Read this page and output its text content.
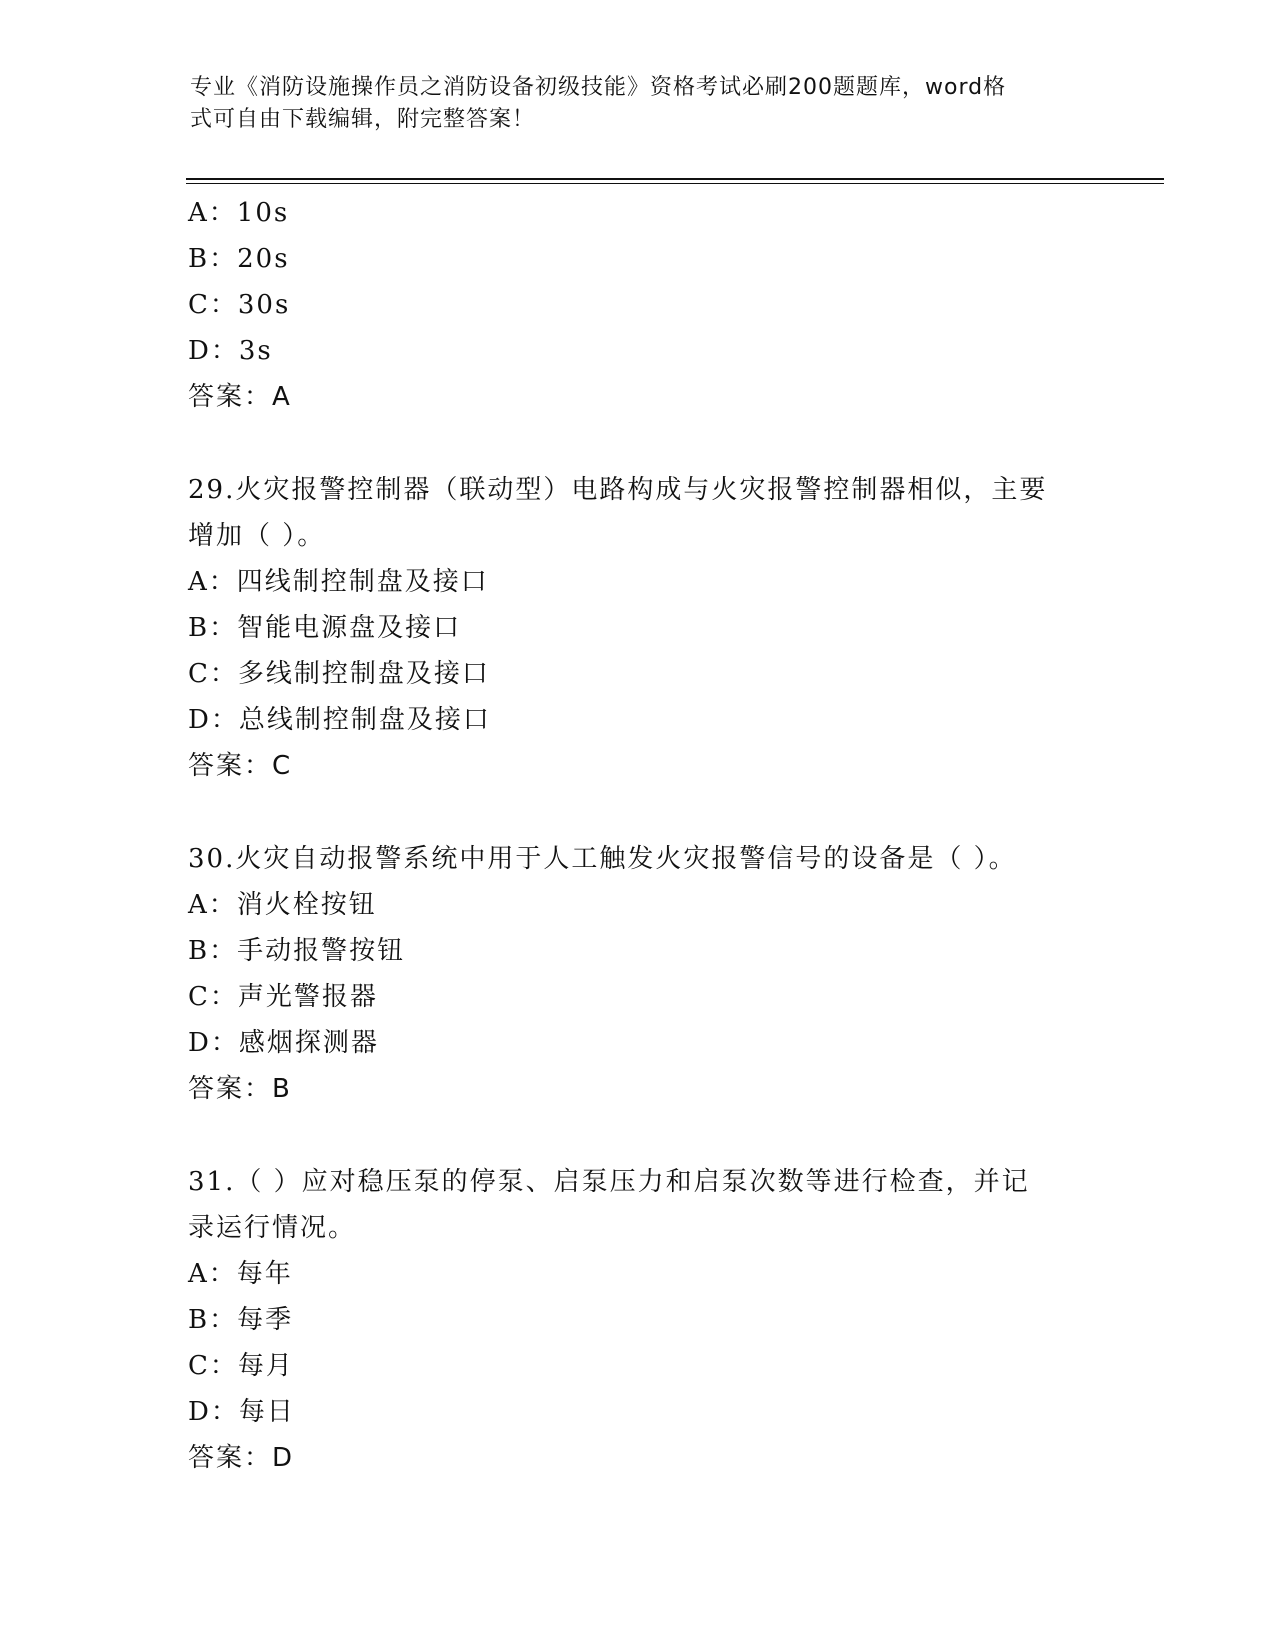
专业《消防设施操作员之消防设备初级技能》资格考试必刷200题题库，word格
式可自由下载编辑，附完整答案！
A：10s
B：20s
C：30s
D：3s
答案：A
29.火灾报警控制器（联动型）电路构成与火灾报警控制器相似，主要
增加（ ）。
A：四线制控制盘及接口
B：智能电源盘及接口
C：多线制控制盘及接口
D：总线制控制盘及接口
答案：C
30.火灾自动报警系统中用于人工触发火灾报警信号的设备是（ ）。
A：消火栓按钮
B：手动报警按钮
C：声光警报器
D：感烟探测器
答案：B
31.（ ）应对稳压泵的停泵、启泵压力和启泵次数等进行检查，并记
录运行情况。
A：每年
B：每季
C：每月
D：每日
答案：D
